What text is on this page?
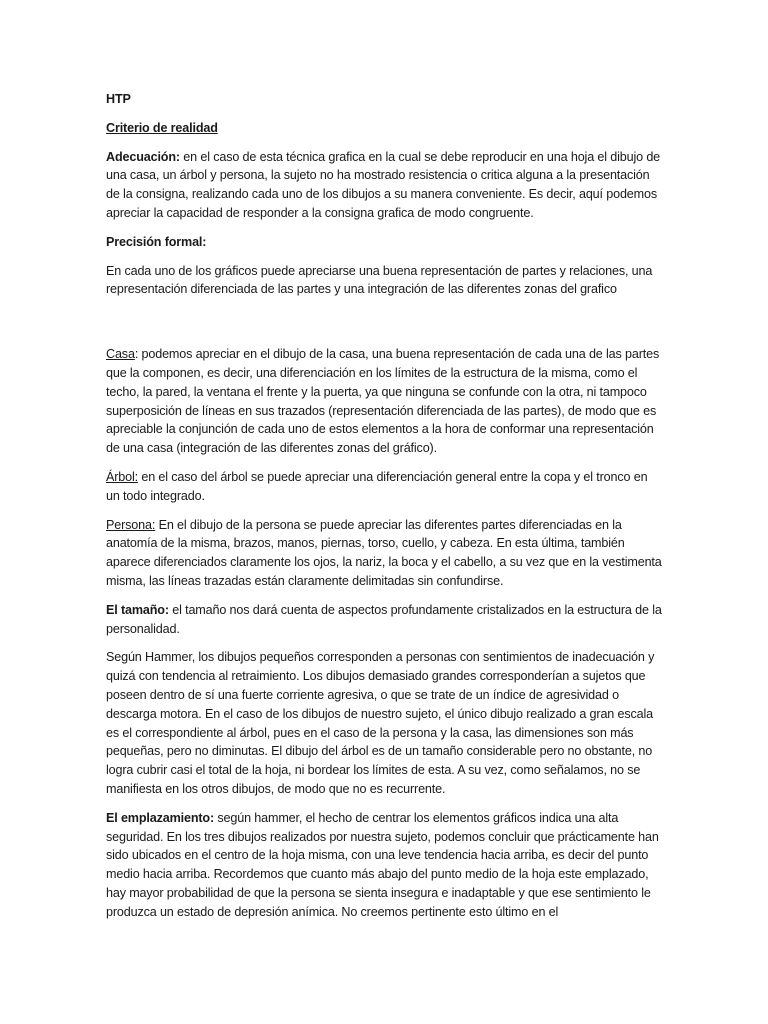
HTP

Criterio de realidad

Adecuación: en el caso de esta técnica grafica en la cual se debe reproducir en una hoja el dibujo de una casa, un árbol y persona, la sujeto no ha mostrado resistencia o critica alguna a la presentación de la consigna, realizando cada uno de los dibujos a su manera conveniente. Es decir, aquí podemos apreciar la capacidad de responder a la consigna grafica de modo congruente.

Precisión formal:

En cada uno de los gráficos puede apreciarse una buena representación de partes y relaciones, una representación diferenciada de las partes y una integración de las diferentes zonas del grafico

Casa: podemos apreciar en el dibujo de la casa, una buena representación de cada una de las partes que la componen, es decir, una diferenciación en los límites de la estructura de la misma, como el techo, la pared, la ventana el frente y la puerta, ya que ninguna se confunde con la otra, ni tampoco superposición de líneas en sus trazados (representación diferenciada de las partes), de modo que es apreciable la conjunción de cada uno de estos elementos a la hora de conformar una representación de una casa (integración de las diferentes zonas del gráfico).

Árbol: en el caso del árbol se puede apreciar una diferenciación general entre la copa y el tronco en un todo integrado.

Persona: En el dibujo de la persona se puede apreciar las diferentes partes diferenciadas en la anatomía de la misma, brazos, manos, piernas, torso, cuello, y cabeza. En esta última, también aparece diferenciados claramente los ojos, la nariz, la boca y el cabello, a su vez que en la vestimenta misma, las líneas trazadas están claramente delimitadas sin confundirse.

El tamaño: el tamaño nos dará cuenta de aspectos profundamente cristalizados en la estructura de la personalidad.

Según Hammer, los dibujos pequeños corresponden a personas con sentimientos de inadecuación y quizá con tendencia al retraimiento. Los dibujos demasiado grandes corresponderían a sujetos que poseen dentro de sí una fuerte corriente agresiva, o que se trate de un índice de agresividad o descarga motora. En el caso de los dibujos de nuestro sujeto, el único dibujo realizado a gran escala es el correspondiente al árbol, pues en el caso de la persona y la casa, las dimensiones son más pequeñas, pero no diminutas. El dibujo del árbol es de un tamaño considerable pero no obstante, no logra cubrir casi el total de la hoja, ni bordear los límites de esta. A su vez, como señalamos, no se manifiesta en los otros dibujos, de modo que no es recurrente.

El emplazamiento: según hammer, el hecho de centrar los elementos gráficos indica una alta seguridad. En los tres dibujos realizados por nuestra sujeto, podemos concluir que prácticamente han sido ubicados en el centro de la hoja misma, con una leve tendencia hacia arriba, es decir del punto medio hacia arriba. Recordemos que cuanto más abajo del punto medio de la hoja este emplazado, hay mayor probabilidad de que la persona se sienta insegura e inadaptable y que ese sentimiento le produzca un estado de depresión anímica. No creemos pertinente esto último en el
